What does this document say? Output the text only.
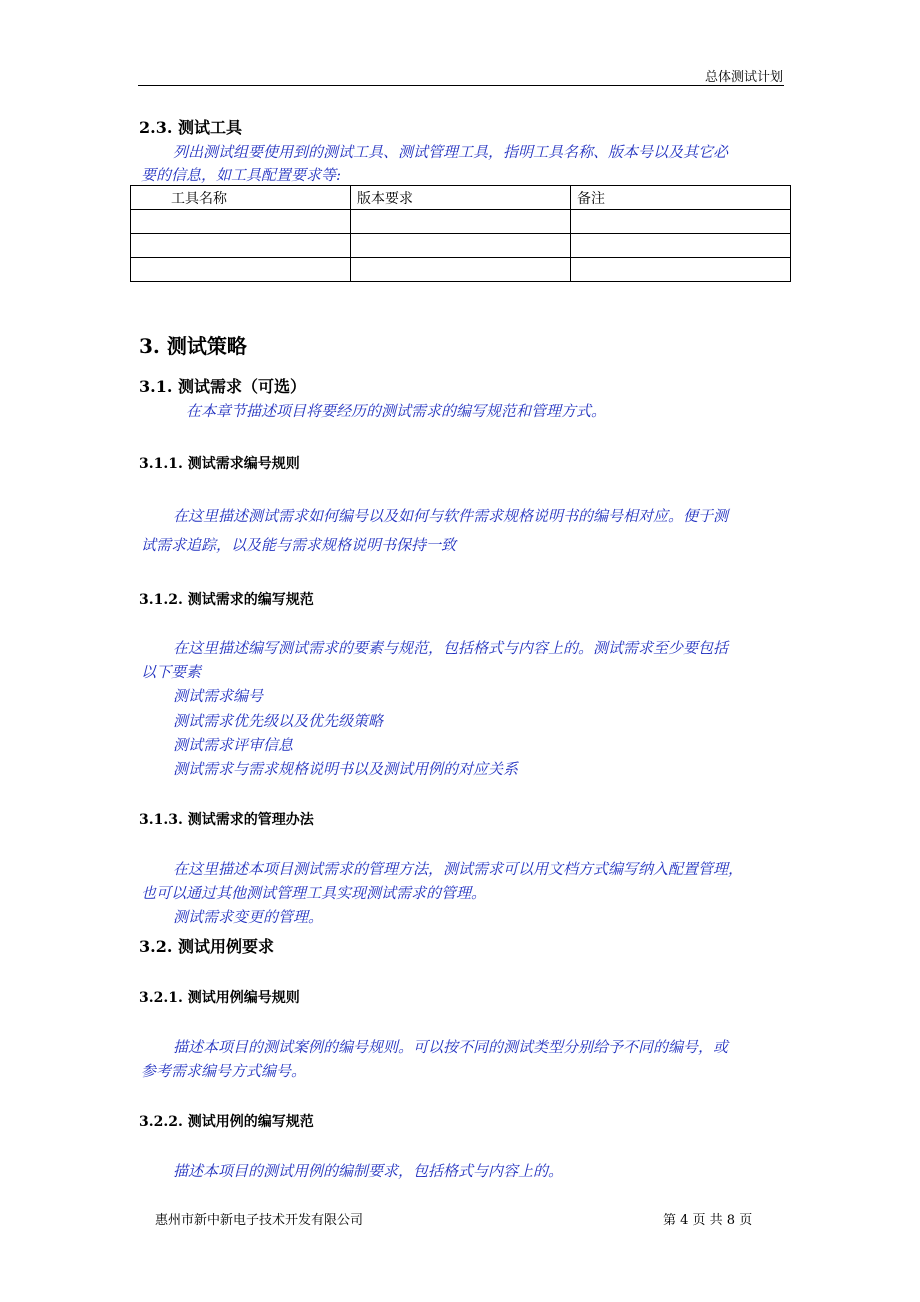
总体测试计划
2.3. 测试工具
列出测试组要使用到的测试工具、测试管理工具，指明工具名称、版本号以及其它必
要的信息，如工具配置要求等:
工具名称	版本要求	备注

3. 测试策略
3.1. 测试需求（可选）
在本章节描述项目将要经历的测试需求的编写规范和管理方式。
3.1.1. 测试需求编号规则
在这里描述测试需求如何编号以及如何与软件需求规格说明书的编号相对应。便于测
试需求追踪，以及能与需求规格说明书保持一致
3.1.2. 测试需求的编写规范
在这里描述编写测试需求的要素与规范，包括格式与内容上的。测试需求至少要包括
以下要素
测试需求编号
测试需求优先级以及优先级策略
测试需求评审信息
测试需求与需求规格说明书以及测试用例的对应关系
3.1.3. 测试需求的管理办法
在这里描述本项目测试需求的管理方法，测试需求可以用文档方式编写纳入配置管理，
也可以通过其他测试管理工具实现测试需求的管理。
测试需求变更的管理。
3.2. 测试用例要求
3.2.1. 测试用例编号规则
描述本项目的测试案例的编号规则。可以按不同的测试类型分别给予不同的编号，或
参考需求编号方式编号。
3.2.2. 测试用例的编写规范
描述本项目的测试用例的编制要求，包括格式与内容上的。
惠州市新中新电子技术开发有限公司	第 4 页 共 8 页
